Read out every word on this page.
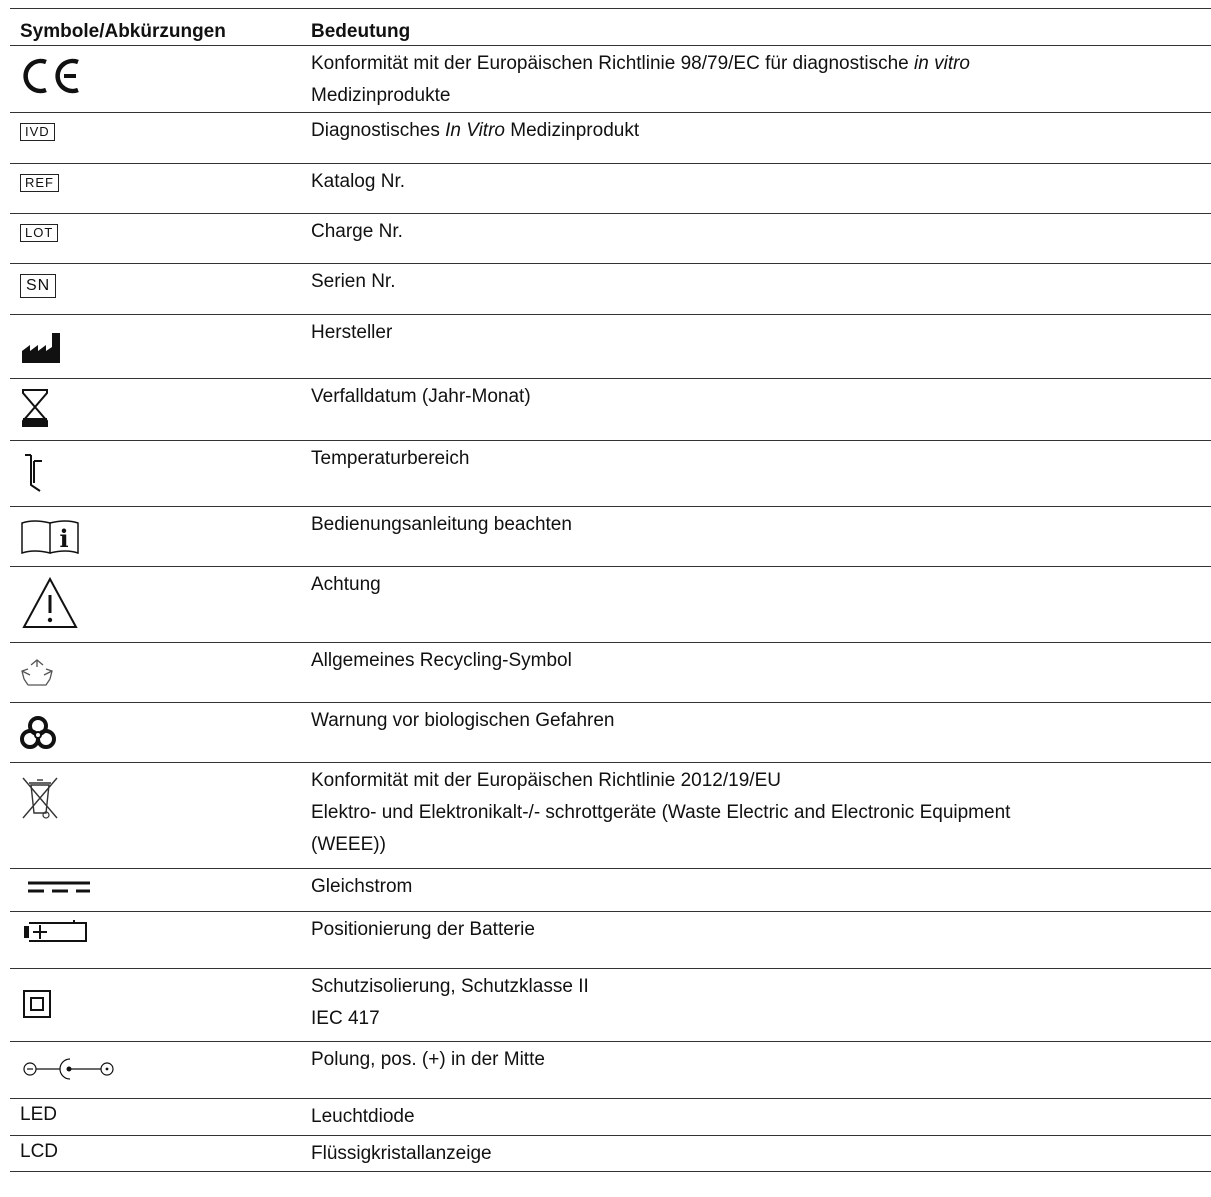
Symbole/Abkürzungen	Bedeutung

Konformität mit der Europäischen Richtlinie 98/79/EC für diagnostische in vitro
Medizinprodukte

IVD	Diagnostisches In Vitro Medizinprodukt

REF	Katalog Nr.

LOT	Charge Nr.

SN	Serien Nr.

Hersteller

Verfalldatum (Jahr-Monat)

Temperaturbereich

i	Bedienungsanleitung beachten

Achtung

Allgemeines Recycling-Symbol

Warnung vor biologischen Gefahren

Konformität mit der Europäischen Richtlinie 2012/19/EU
Elektro- und Elektronikalt-/- schrottgeräte (Waste Electric and Electronic Equipment
(WEEE))

Gleichstrom

Positionierung der Batterie

Schutzisolierung, Schutzklasse II
IEC 417

Polung, pos. (+) in der Mitte

LED	Leuchtdiode

LCD	Flüssigkristallanzeige
